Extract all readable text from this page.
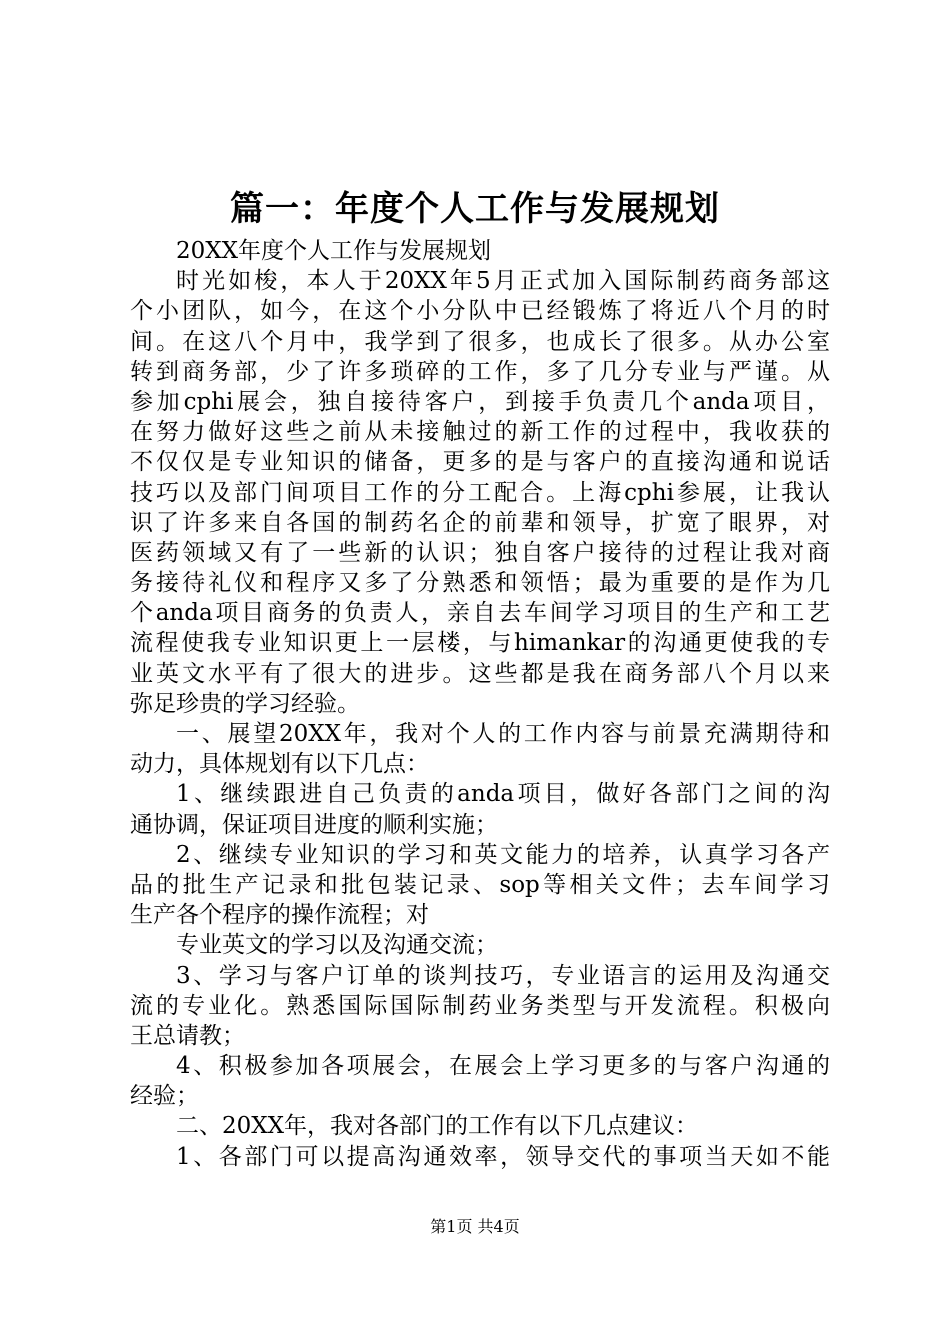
篇一：年度个人工作与发展规划
20XX年度个人工作与发展规划
时光如梭，本人于20XX年5月正式加入国际制药商务部这
个小团队，如今，在这个小分队中已经锻炼了将近八个月的时
间。在这八个月中，我学到了很多，也成长了很多。从办公室
转到商务部，少了许多琐碎的工作，多了几分专业与严谨。从
参加cphi展会，独自接待客户，到接手负责几个anda项目，
在努力做好这些之前从未接触过的新工作的过程中，我收获的
不仅仅是专业知识的储备，更多的是与客户的直接沟通和说话
技巧以及部门间项目工作的分工配合。上海cphi参展，让我认
识了许多来自各国的制药名企的前辈和领导，扩宽了眼界，对
医药领域又有了一些新的认识；独自客户接待的过程让我对商
务接待礼仪和程序又多了分熟悉和领悟；最为重要的是作为几
个anda项目商务的负责人，亲自去车间学习项目的生产和工艺
流程使我专业知识更上一层楼，与himankar的沟通更使我的专
业英文水平有了很大的进步。这些都是我在商务部八个月以来
弥足珍贵的学习经验。
一、展望20XX年，我对个人的工作内容与前景充满期待和
动力，具体规划有以下几点：
1、继续跟进自己负责的anda项目，做好各部门之间的沟
通协调，保证项目进度的顺利实施；
2、继续专业知识的学习和英文能力的培养，认真学习各产
品的批生产记录和批包装记录、sop等相关文件；去车间学习
生产各个程序的操作流程；对
专业英文的学习以及沟通交流；
3、学习与客户订单的谈判技巧，专业语言的运用及沟通交
流的专业化。熟悉国际国际制药业务类型与开发流程。积极向
王总请教；
4、积极参加各项展会，在展会上学习更多的与客户沟通的
经验；
二、20XX年，我对各部门的工作有以下几点建议：
1、各部门可以提高沟通效率，领导交代的事项当天如不能
第1页 共4页
